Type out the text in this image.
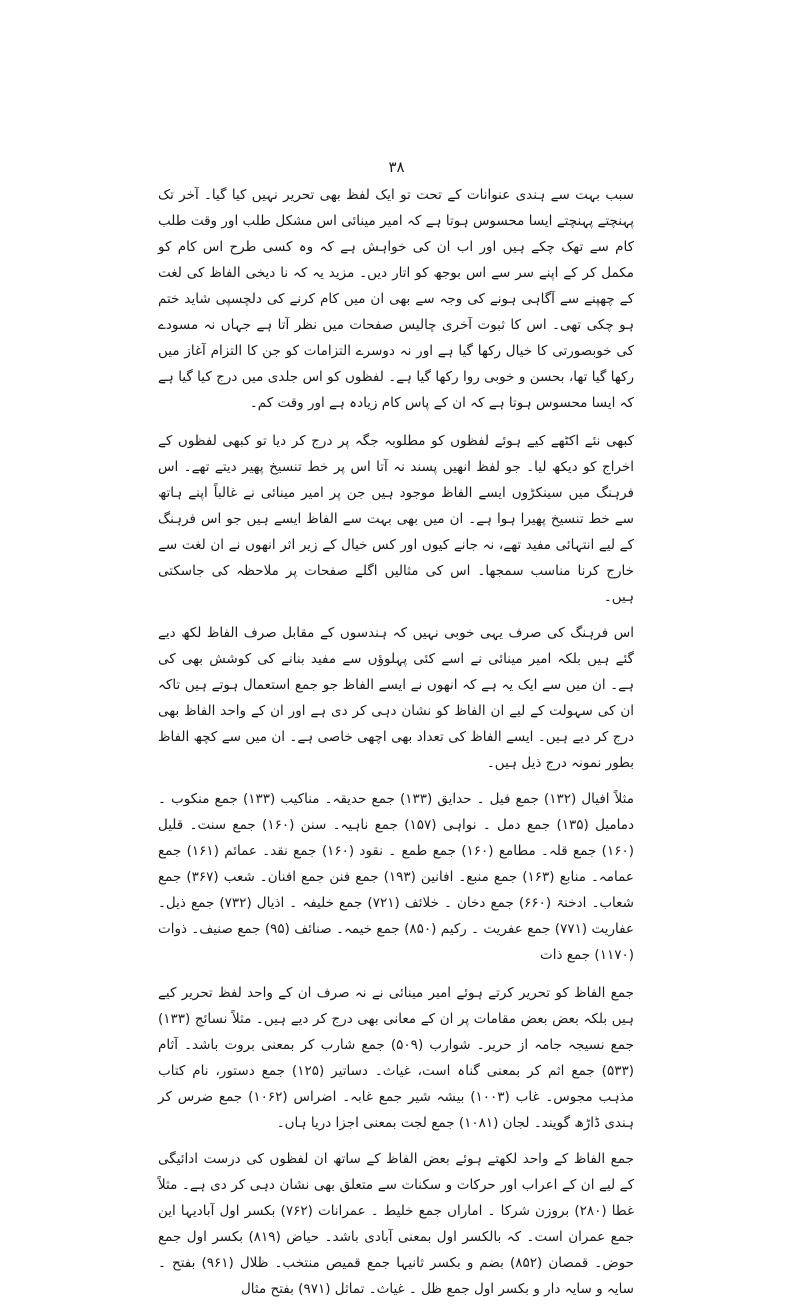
۳۸

سبب بہت سے ہندی عنوانات کے تحت تو ایک لفظ بھی تحریر نہیں کیا گیا۔ آخر تک پہنچتے پہنچتے ایسا محسوس ہوتا ہے کہ امیر مینائی اس مشکل طلب اور وقت طلب کام سے تھک چکے ہیں اور اب ان کی خواہش ہے کہ وہ کسی طرح اس کام کو مکمل کر کے اپنے سر سے اس بوجھ کو اتار دیں۔ مزید یہ کہ نا دیخی الفاظ کی لغت کے چھپنے سے آگاہی ہونے کی وجہ سے بھی ان میں کام کرنے کی دلچسپی شاید ختم ہو چکی تھی۔ اس کا ثبوت آخری چالیس صفحات میں نظر آتا ہے جہاں نہ مسودے کی خوبصورتی کا خیال رکھا گیا ہے اور نہ دوسرے التزامات کو جن کا التزام آغاز میں رکھا گیا تھا، بحسن و خوبی روا رکھا گیا ہے۔ لفظوں کو اس جلدی میں درج کیا گیا ہے کہ ایسا محسوس ہوتا ہے کہ ان کے پاس کام زیادہ ہے اور وقت کم۔

کبھی نئے اکٹھے کیے ہوئے لفظوں کو مطلوبہ جگہ پر درج کر دیا تو کبھی لفظوں کے اخراج کو دیکھ لیا۔ جو لفظ انھیں پسند نہ آتا اس پر خط تنسیخ پھیر دیتے تھے۔ اس فرہنگ میں سینکڑوں ایسے الفاظ موجود ہیں جن پر امیر مینائی نے غالباً اپنے ہاتھ سے خط تنسیخ پھیرا ہوا ہے۔ ان میں بھی بہت سے الفاظ ایسے ہیں جو اس فرہنگ کے لیے انتہائی مفید تھے، نہ جانے کیوں اور کس خیال کے زیر اثر انھوں نے ان لغت سے خارج کرنا مناسب سمجھا۔ اس کی مثالیں اگلے صفحات پر ملاحظہ کی جاسکتی ہیں۔

اس فرہنگ کی صرف یہی خوبی نہیں کہ ہندسوں کے مقابل صرف الفاظ لکھ دیے گئے ہیں بلکہ امیر مینائی نے اسے کئی پہلوؤں سے مفید بنانے کی کوشش بھی کی ہے۔ ان میں سے ایک یہ ہے کہ انھوں نے ایسے الفاظ جو جمع استعمال ہوتے ہیں تاکہ ان کی سہولت کے لیے ان الفاظ کو نشان دہی کر دی ہے اور ان کے واحد الفاظ بھی درج کر دیے ہیں۔ ایسے الفاظ کی تعداد بھی اچھی خاصی ہے۔ ان میں سے کچھ الفاظ بطور نمونہ درج ذیل ہیں۔

مثلاً افیال (۱۳۲) جمع فیل ۔ حدایق (۱۳۳) جمع حدیقہ۔ مناکیب (۱۳۳) جمع منکوب ۔ دمامیل (۱۳۵) جمع دمل ۔ نواہی (۱۵۷) جمع ناہیہ۔ سنن (۱۶۰) جمع سنت۔ قلیل (۱۶۰) جمع قلہ۔ مطامع (۱۶۰) جمع طمع ۔ نقود (۱۶۰) جمع نقد۔ عمائم (۱۶۱) جمع عمامہ۔ منابع (۱۶۳) جمع منبع۔ افانین (۱۹۳) جمع فنن جمع افنان۔ شعب (۳۶۷) جمع شعاب۔ ادخنۃ (۶۶۰) جمع دخان ۔ خلائف (۷۲۱) جمع خلیفہ ۔ اذیال (۷۳۲) جمع ذیل۔ عفاریت (۷۷۱) جمع عفریت ۔ رکیم (۸۵۰) جمع خیمہ۔ صنائف (۹۵) جمع صنیف۔ ذوات (۱۱۷۰) جمع ذات

جمع الفاظ کو تحریر کرتے ہوئے امیر مینائی نے نہ صرف ان کے واحد لفظ تحریر کیے ہیں بلکہ بعض بعض مقامات پر ان کے معانی بھی درج کر دیے ہیں۔ مثلاً نسائج (۱۳۳) جمع نسیجہ جامہ از حریر۔ شوارب (۵۰۹) جمع شارب کر بمعنی بروت باشد۔ آثام (۵۳۳) جمع اثم کر بمعنی گناہ است، غیاث۔ دساتیر (۱۲۵) جمع دستور، نام کتاب مذہب مجوس۔ غاب (۱۰۰۳) بیشہ شیر جمع غابہ۔ اضراس (۱۰۶۲) جمع ضرس کر ہندی ڈاڑھ گویند۔ لجان (۱۰۸۱) جمع لجت بمعنی اجزا دریا ہاں۔

جمع الفاظ کے واحد لکھتے ہوئے بعض الفاظ کے ساتھ ان لفظوں کی درست ادائیگی کے لیے ان کے اعراب اور حرکات و سکنات سے متعلق بھی نشان دہی کر دی ہے۔ مثلاً غطا (۲۸۰) بروزن شرکا ۔ اماراں جمع خلیط ۔ عمرانات (۷۶۲) بکسر اول آبادیہا این جمع عمران است۔ کہ بالکسر اول بمعنی آبادی باشد۔ حیاض (۸۱۹) بکسر اول جمع حوض۔ قمصان (۸۵۲) بضم و بکسر ثانیہا جمع قمیص منتخب۔ ظلال (۹۶۱) بفتح ۔ سایہ و سایہ دار و بکسر اول جمع ظل ۔ غیاث۔ تماثل (۹۷۱) بفتح مثال
